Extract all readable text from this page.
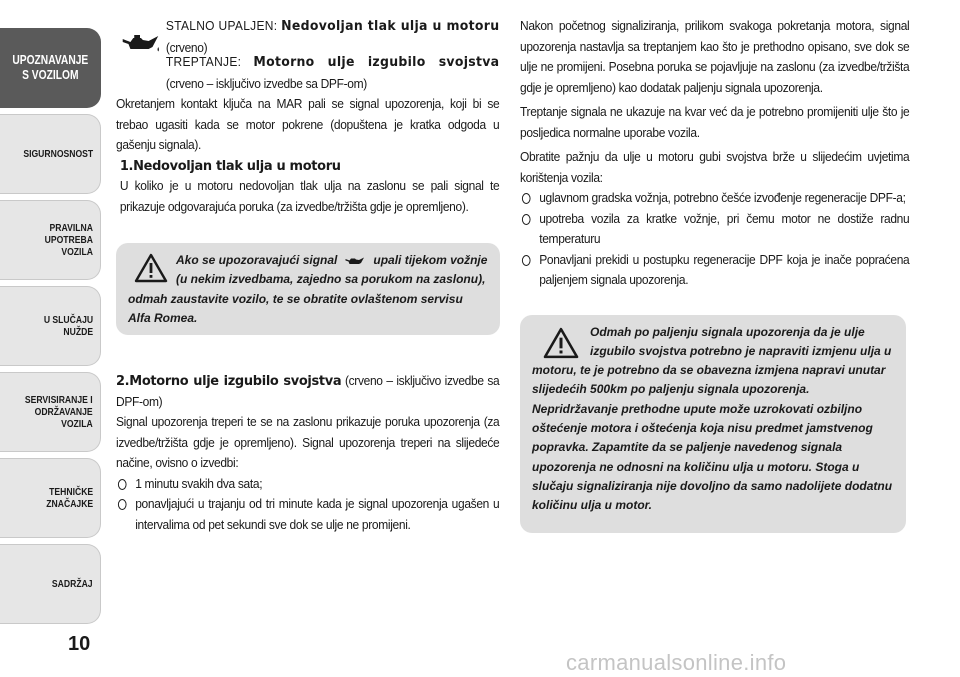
UPOZNAVANJE
S VOZILOM
SIGURNOSNOST
PRAVILNA
UPOTREBA
VOZILA
U SLUČAJU
NUŽDE
SERVISIRANJE I
ODRŽAVANJE
VOZILA
TEHNIČKE
ZNAČAJKE
SADRŽAJ
10

STALNO UPALJEN: Nedovoljan tlak ulja u motoru (crveno)

TREPTANJE: Motorno ulje izgubilo svojstva (crveno – isključivo izvedbe sa DPF-om)

Okretanjem kontakt ključa na MAR pali se signal upozorenja, koji bi se trebao ugasiti kada se motor pokrene (dopuštena je kratka odgoda u gašenju signala).

1.Nedovoljan tlak ulja u motoru

U koliko je u motoru nedovoljan tlak ulja na zaslonu se pali signal te prikazuje odgovarajuća poruka (za izvedbe/tržišta gdje je opremljeno).

Ako se upozoravajući signal	upali tijekom vožnje (u nekim izvedbama, zajedno sa porukom na zaslonu), odmah zaustavite vozilo, te se obratite ovlaštenom servisu Alfa Romea.

2.Motorno ulje izgubilo svojstva (crveno – isključivo izvedbe sa DPF-om)

Signal upozorenja treperi te se na zaslonu prikazuje poruka upozorenja (za izvedbe/tržišta gdje je opremljeno). Signal upozorenja treperi na slijedeće načine, ovisno o izvedbi:

1 minutu svakih dva sata;
ponavljajući u trajanju od tri minute kada je signal upozorenja ugašen u intervalima od pet sekundi sve dok se ulje ne promijeni.

Nakon početnog signaliziranja, prilikom svakoga pokretanja motora, signal upozorenja nastavlja sa treptanjem kao što je prethodno opisano, sve dok se ulje ne promijeni. Posebna poruka se pojavljuje na zaslonu (za izvedbe/tržišta gdje je opremljeno) kao dodatak paljenju signala upozorenja.

Treptanje signala ne ukazuje na kvar već da je potrebno promijeniti ulje što je posljedica normalne uporabe vozila.

Obratite pažnju da ulje u motoru gubi svojstva brže u slijedećim uvjetima korištenja vozila:

uglavnom gradska vožnja, potrebno češće izvođenje regeneracije DPF-a;
upotreba vozila za kratke vožnje, pri čemu motor ne dostiže radnu temperaturu
Ponavljani prekidi u postupku regeneracije DPF koja je inače popraćena paljenjem signala upozorenja.
Odmah po paljenju signala upozorenja da je ulje izgubilo svojstva potrebno je napraviti izmjenu ulja u motoru, te je potrebno da se obavezna izmjena napravi unutar slijedećih 500km po paljenju signala upozorenja. Nepridržavanje prethodne upute može uzrokovati ozbiljno oštećenje motora i oštećenja koja nisu predmet jamstvenog popravka. Zapamtite da se paljenje navedenog signala upozorenja ne odnosni na količinu ulja u motoru. Stoga u slučaju signaliziranja nije dovoljno da samo nadolijete dodatnu količinu ulja u motor.
carmanualsonline.info
